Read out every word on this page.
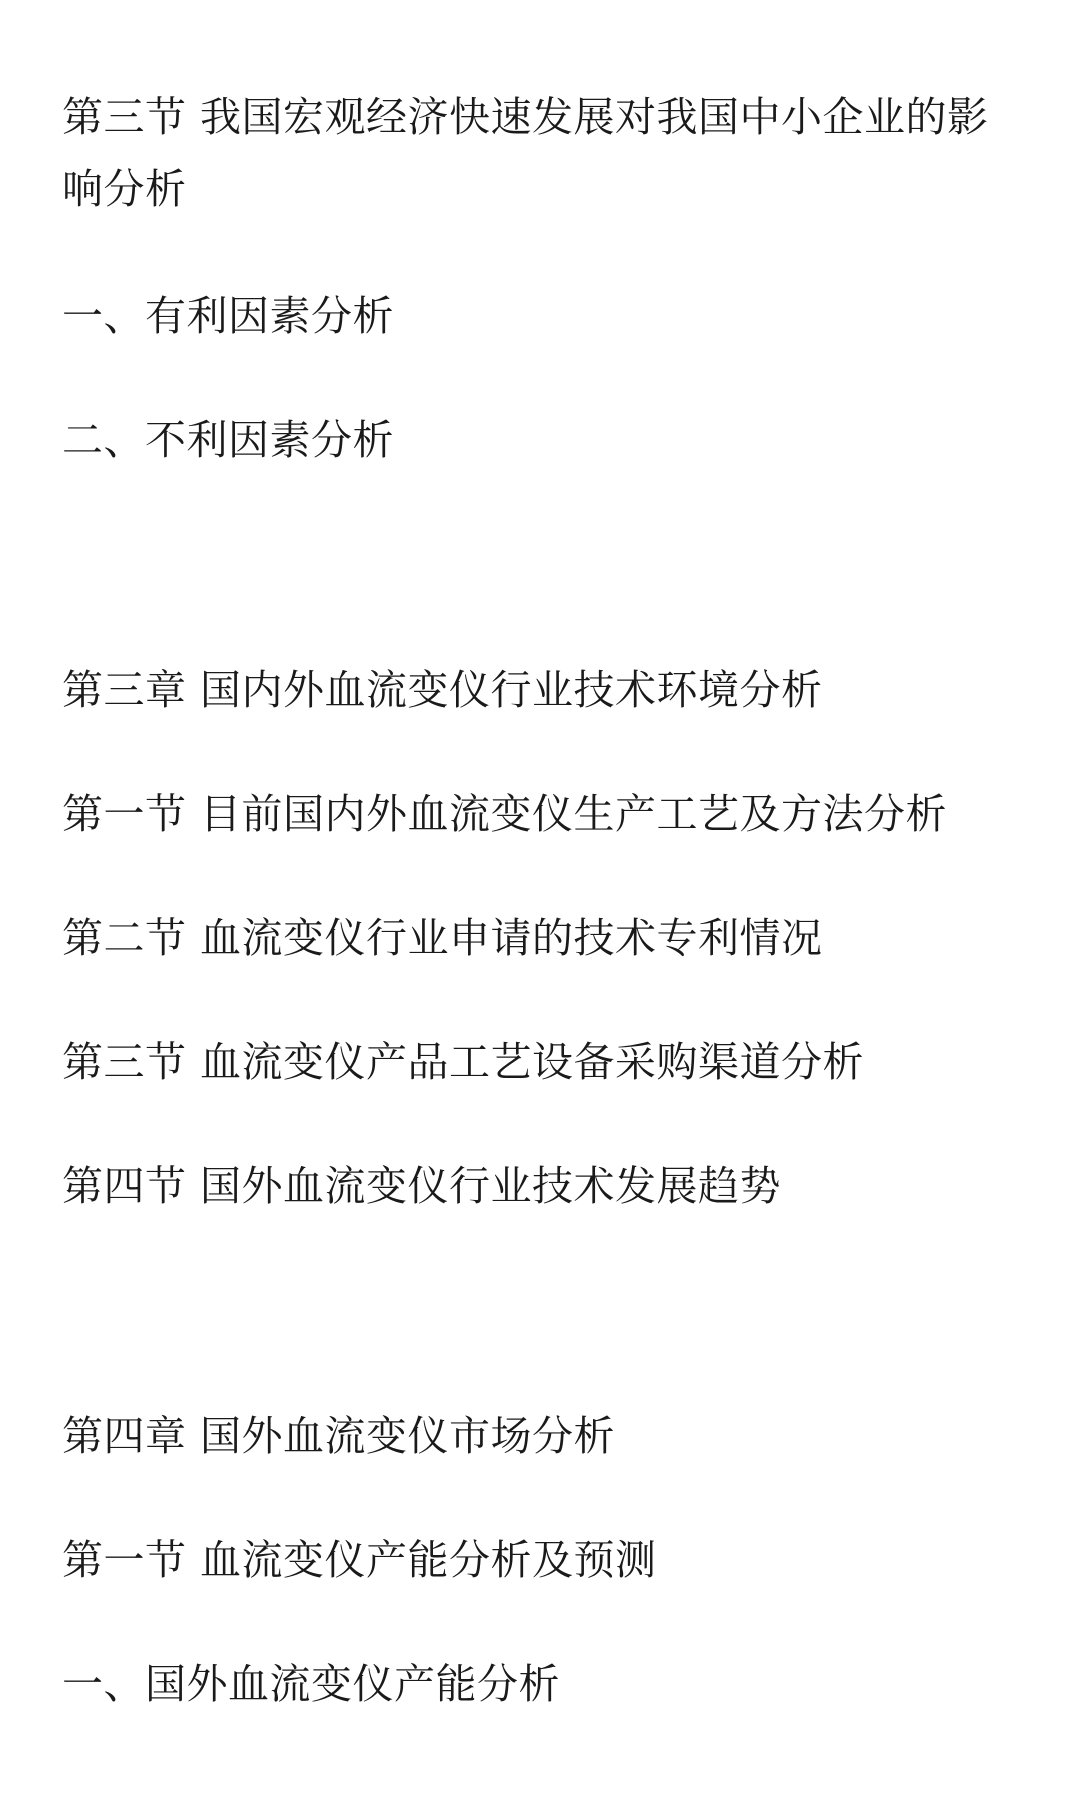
第三节 我国宏观经济快速发展对我国中小企业的影响分析
一、有利因素分析
二、不利因素分析
第三章 国内外血流变仪行业技术环境分析
第一节 目前国内外血流变仪生产工艺及方法分析
第二节 血流变仪行业申请的技术专利情况
第三节 血流变仪产品工艺设备采购渠道分析
第四节 国外血流变仪行业技术发展趋势
第四章 国外血流变仪市场分析
第一节 血流变仪产能分析及预测
一、国外血流变仪产能分析
